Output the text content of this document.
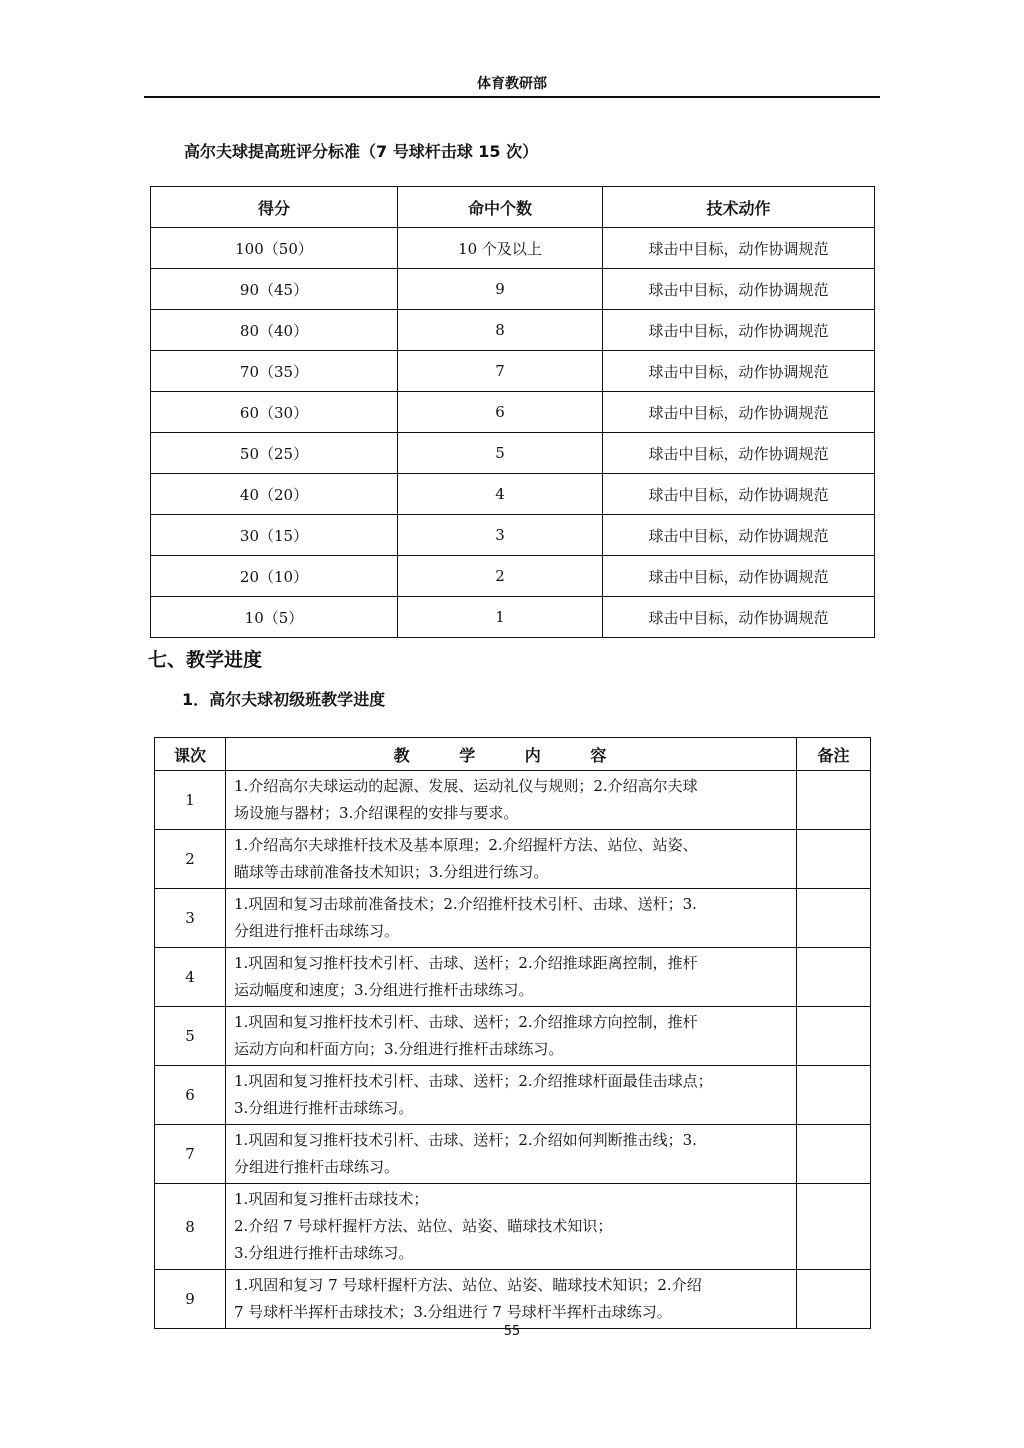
体育教研部
高尔夫球提高班评分标准（7 号球杆击球 15 次）
得分	命中个数	技术动作
100（50）	10 个及以上	球击中目标，动作协调规范
90（45）	9	球击中目标，动作协调规范
80（40）	8	球击中目标，动作协调规范
70（35）	7	球击中目标，动作协调规范
60（30）	6	球击中目标，动作协调规范
50（25）	5	球击中目标，动作协调规范
40（20）	4	球击中目标，动作协调规范
30（15）	3	球击中目标，动作协调规范
20（10）	2	球击中目标，动作协调规范
10（5）	1	球击中目标，动作协调规范
七、教学进度
1．高尔夫球初级班教学进度
课次	教 学 内 容	备注
1	1.介绍高尔夫球运动的起源、发展、运动礼仪与规则；2.介绍高尔夫球
场设施与器材；3.介绍课程的安排与要求。	

2	1.介绍高尔夫球推杆技术及基本原理；2.介绍握杆方法、站位、站姿、
瞄球等击球前准备技术知识；3.分组进行练习。	

3	1.巩固和复习击球前准备技术；2.介绍推杆技术引杆、击球、送杆；3.
分组进行推杆击球练习。	

4	1.巩固和复习推杆技术引杆、击球、送杆；2.介绍推球距离控制，推杆
运动幅度和速度；3.分组进行推杆击球练习。	

5	1.巩固和复习推杆技术引杆、击球、送杆；2.介绍推球方向控制，推杆
运动方向和杆面方向；3.分组进行推杆击球练习。	

6	1.巩固和复习推杆技术引杆、击球、送杆；2.介绍推球杆面最佳击球点；
3.分组进行推杆击球练习。	

7	1.巩固和复习推杆技术引杆、击球、送杆；2.介绍如何判断推击线；3.
分组进行推杆击球练习。	

8	1.巩固和复习推杆击球技术；
2.介绍 7 号球杆握杆方法、站位、站姿、瞄球技术知识；
3.分组进行推杆击球练习。	

9	1.巩固和复习 7 号球杆握杆方法、站位、站姿、瞄球技术知识；2.介绍
7 号球杆半挥杆击球技术；3.分组进行 7 号球杆半挥杆击球练习。	

55
